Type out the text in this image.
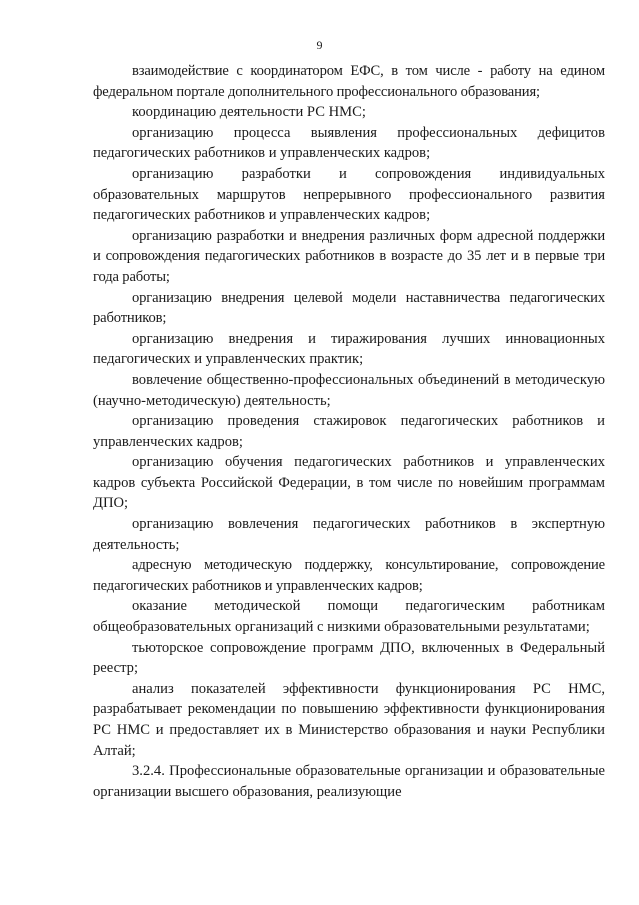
9

взаимодействие с координатором ЕФС, в том числе - работу на едином федеральном портале дополнительного профессионального образования;

координацию деятельности РС НМС;

организацию процесса выявления профессиональных дефицитов педагогических работников и управленческих кадров;

организацию разработки и сопровождения индивидуальных образовательных маршрутов непрерывного профессионального развития педагогических работников и управленческих кадров;

организацию разработки и внедрения различных форм адресной поддержки и сопровождения педагогических работников в возрасте до 35 лет и в первые три года работы;

организацию внедрения целевой модели наставничества педагогических работников;

организацию внедрения и тиражирования лучших инновационных педагогических и управленческих практик;

вовлечение общественно-профессиональных объединений в методическую (научно-методическую) деятельность;

организацию проведения стажировок педагогических работников и управленческих кадров;

организацию обучения педагогических работников и управленческих кадров субъекта Российской Федерации, в том числе по новейшим программам ДПО;

организацию вовлечения педагогических работников в экспертную деятельность;

адресную методическую поддержку, консультирование, сопровождение педагогических работников и управленческих кадров;

оказание методической помощи педагогическим работникам общеобразовательных организаций с низкими образовательными результатами;

тьюторское сопровождение программ ДПО, включенных в Федеральный реестр;

анализ показателей эффективности функционирования РС НМС, разрабатывает рекомендации по повышению эффективности функционирования РС НМС и предоставляет их в Министерство образования и науки Республики Алтай;

3.2.4. Профессиональные образовательные организации и образовательные организации высшего образования, реализующие
